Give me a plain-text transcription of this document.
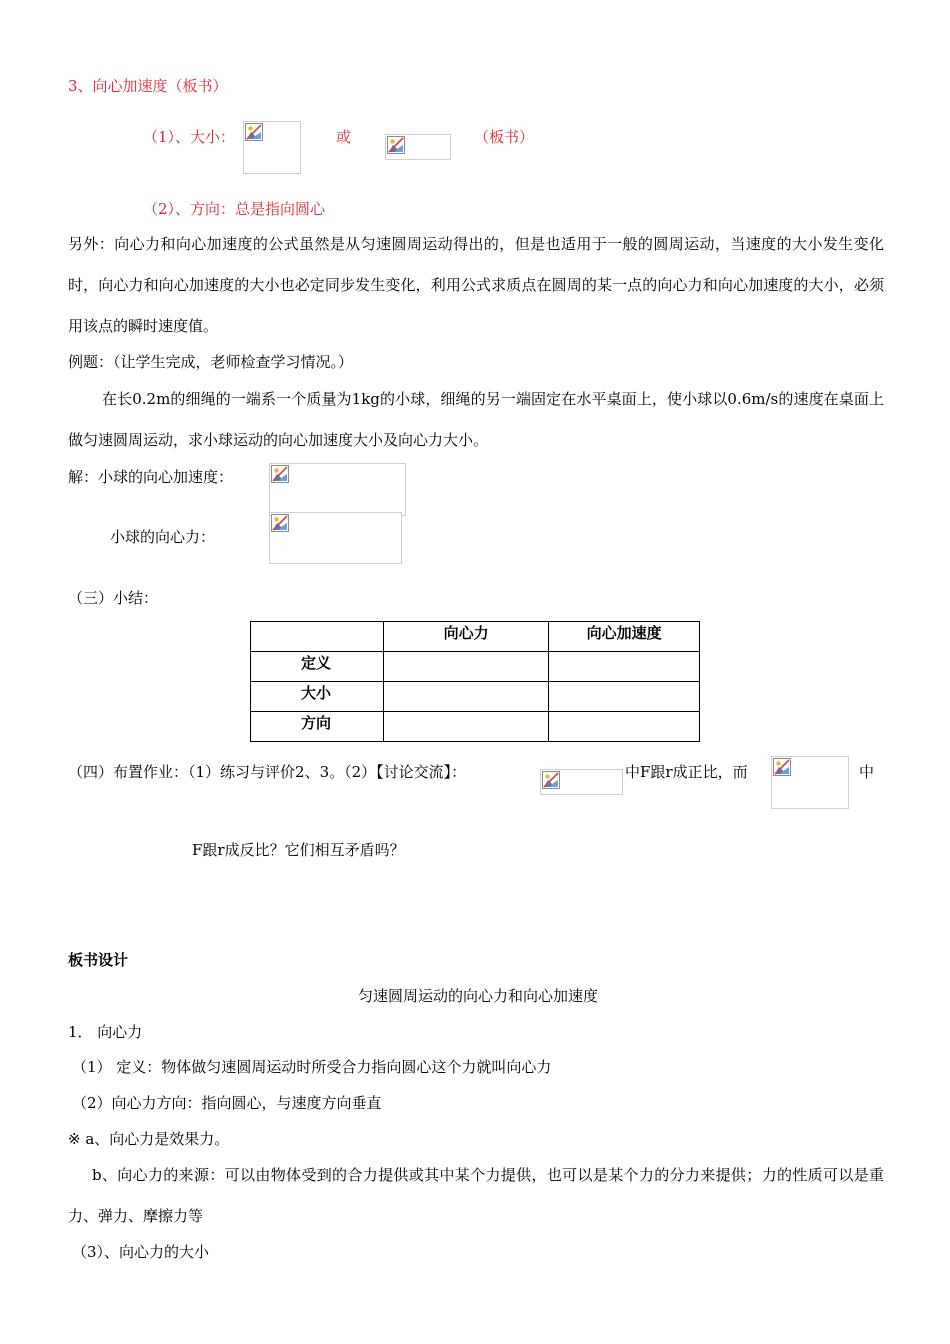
3、向心加速度（板书）
（1）、大小：	或	（板书）
（2）、方向：总是指向圆心
另外：向心力和向心加速度的公式虽然是从匀速圆周运动得出的，但是也适用于一般的圆周运动，当速度的大小发生变化时，向心力和向心加速度的大小也必定同步发生变化，利用公式求质点在圆周的某一点的向心力和向心加速度的大小，必须用该点的瞬时速度值。
例题：（让学生完成，老师检查学习情况。）
在长0.2m的细绳的一端系一个质量为1kg的小球，细绳的另一端固定在水平桌面上，使小球以0.6m/s的速度在桌面上做匀速圆周运动，求小球运动的向心加速度大小及向心力大小。
解：小球的向心加速度：
小球的向心力：
（三）小结：
	向心力	向心加速度
定义		
大小		
方向		
（四）布置作业：（1）练习与评价2、3。（2）【讨论交流】：	中F跟r成正比，而	中
F跟r成反比？它们相互矛盾吗？
板书设计
匀速圆周运动的向心力和向心加速度
1． 向心力
（1） 定义：物体做匀速圆周运动时所受合力指向圆心这个力就叫向心力
（2）向心力方向：指向圆心，与速度方向垂直
※ a、向心力是效果力。
b、向心力的来源：可以由物体受到的合力提供或其中某个力提供，也可以是某个力的分力来提供；力的性质可以是重力、弹力、摩擦力等
（3）、向心力的大小
